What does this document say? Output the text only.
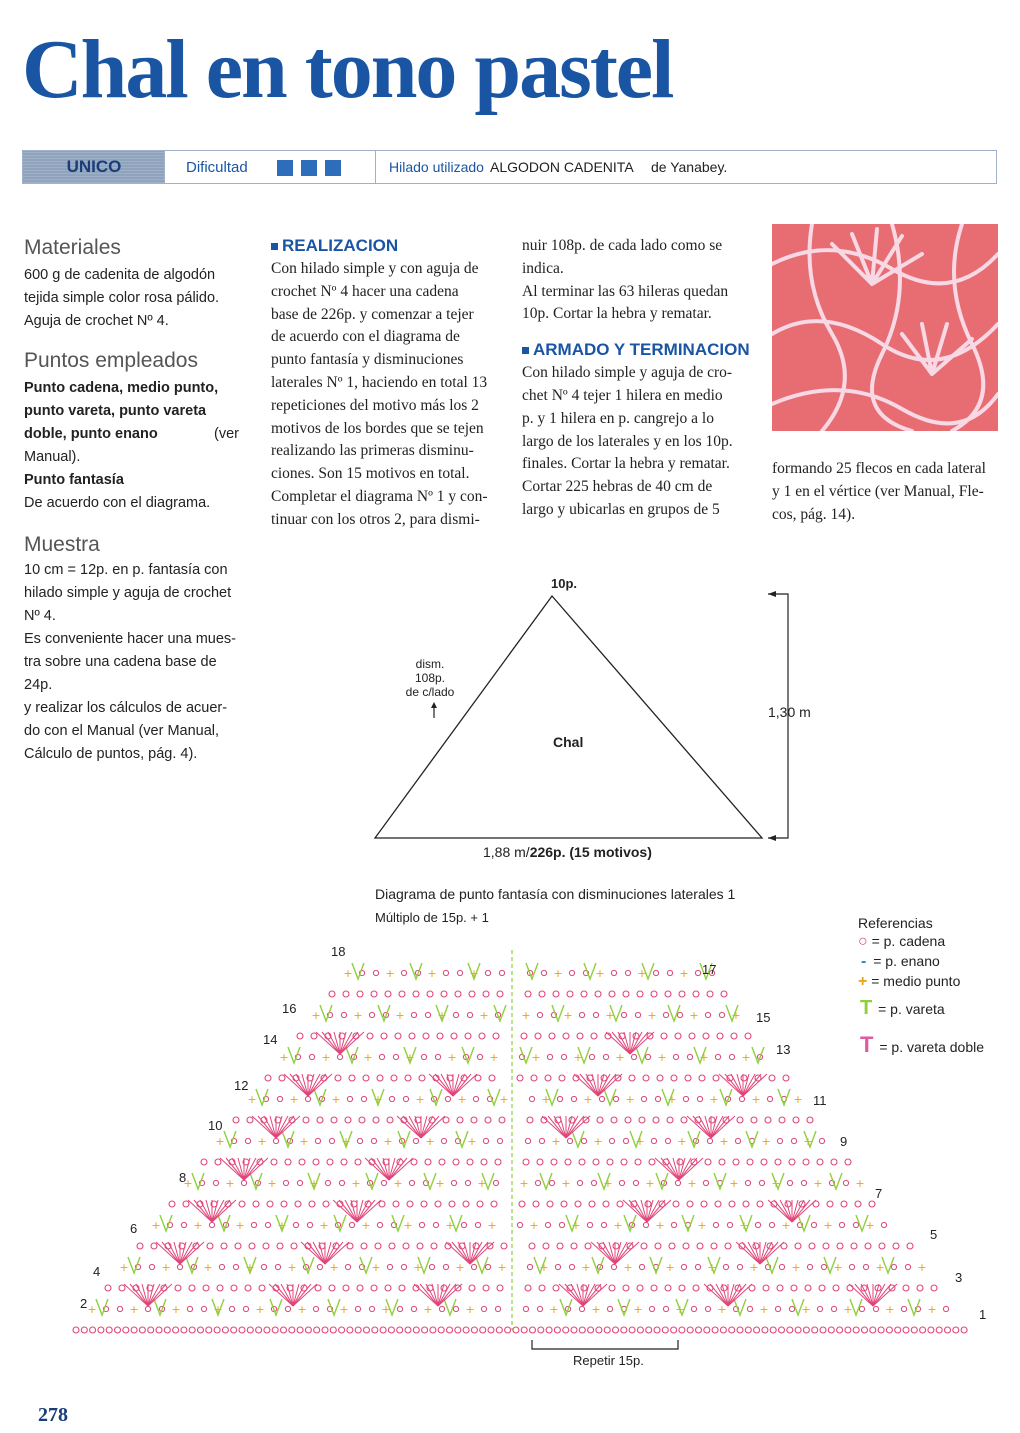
Chal en tono pastel
UNICO	Dificultad	Hilado utilizado ALGODON CADENITA de Yanabey.
Materiales

600 g de cadenita de algodón
tejida simple color rosa pálido.
Aguja de crochet Nº 4.

Puntos empleados

Punto cadena, medio punto,
punto vareta, punto vareta
doble, punto enano	(ver

Manual).

Punto fantasía

De acuerdo con el diagrama.

Muestra

10 cm = 12p. en p. fantasía con
hilado simple y aguja de crochet
Nº 4.
Es conveniente hacer una mues-
tra sobre una cadena base de 24p.
y realizar los cálculos de acuer-
do con el Manual (ver Manual,
Cálculo de puntos, pág. 4).

REALIZACION

Con hilado simple y con aguja de
crochet Nº 4 hacer una cadena
base de 226p. y comenzar a tejer
de acuerdo con el diagrama de
punto fantasía y disminuciones
laterales Nº 1, haciendo en total 13
repeticiones del motivo más los 2
motivos de los bordes que se tejen
realizando las primeras disminu-
ciones. Son 15 motivos en total.
Completar el diagrama Nº 1 y con-
tinuar con los otros 2, para dismi-

nuir 108p. de cada lado como se
indica.
Al terminar las 63 hileras quedan
10p. Cortar la hebra y rematar.

ARMADO Y TERMINACION

Con hilado simple y aguja de cro-
chet Nº 4 tejer 1 hilera en medio
p. y 1 hilera en p. cangrejo a lo
largo de los laterales y en los 10p.
finales. Cortar la hebra y rematar.
Cortar 225 hebras de 40 cm de
largo y ubicarlas en grupos de 5

formando 25 flecos en cada lateral
y 1 en el vértice (ver Manual, Fle-
cos, pág. 14).

10p.
dism.
108p.
de c/lado
Chal
1,30 m
1,88 m/226p. (15 motivos)
Diagrama de punto fantasía con disminuciones laterales 1
Múltiplo de 15p. + 1
+	+	+	+	+	+	+	+	+	+	+	+	+	+	+	+	+	+	+	+
+	+	+	+	+	+	+	+	+	+	+	+	+	+	+	+	+	+	+	+
+	+	+	+	+	+	+	+	+	+	+	+	+	+	+	+	+	+
+	+	+	+	+	+	+	+	+	+	+	+	+	+	+	+	+
+	+	+	+	+	+	+	+	+	+	+	+	+	+
+	+	+	+	+	+	+	+	+	+	+	+	+	+
+	+	+	+	+	+	+	+	+	+	+	+
+	+	+	+	+	+	+	+	+	+	+
+	+	+	+	+	+	+	+
18
16
14
12
10
8
6
4
2
17
15
13
11
9
7
5
3
1
Repetir 15p.
Referencias
○ = p. cadena
- = p. enano
+ = medio punto
T = p. vareta
T = p. vareta doble
278
